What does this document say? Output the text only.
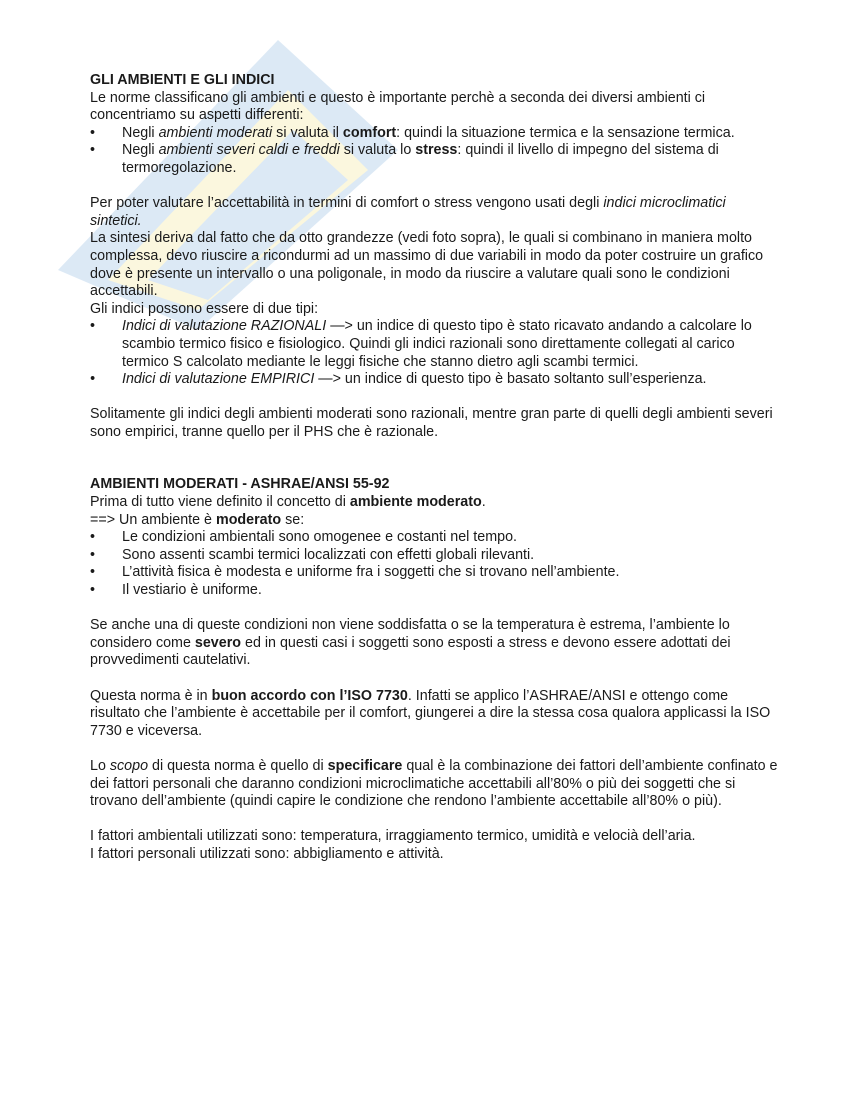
GLI AMBIENTI E GLI INDICI

Le norme classificano gli ambienti e questo è importante perchè a seconda dei diversi ambienti ci concentriamo su aspetti differenti:

• Negli ambienti moderati si valuta il comfort: quindi la situazione termica e la sensazione termica.
• Negli ambienti severi caldi e freddi si valuta lo stress: quindi il livello di impegno del sistema di termoregolazione.

Per poter valutare l’accettabilità in termini di comfort o stress vengono usati degli indici microclimatici sintetici.

La sintesi deriva dal fatto che da otto grandezze (vedi foto sopra), le quali si combinano in maniera molto complessa, devo riuscire a ricondurmi ad un massimo di due variabili in modo da poter costruire un grafico dove è presente un intervallo o una poligonale, in modo da riuscire a valutare quali sono le condizioni accettabili.

Gli indici possono essere di due tipi:

• Indici di valutazione RAZIONALI —> un indice di questo tipo è stato ricavato andando a calcolare lo scambio termico fisico e fisiologico. Quindi gli indici razionali sono direttamente collegati al carico termico S calcolato mediante le leggi fisiche che stanno dietro agli scambi termici.
• Indici di valutazione EMPIRICI —> un indice di questo tipo è basato soltanto sull’esperienza.

Solitamente gli indici degli ambienti moderati sono razionali, mentre gran parte di quelli degli ambienti severi sono empirici, tranne quello per il PHS che è razionale.

AMBIENTI MODERATI - ASHRAE/ANSI 55-92

Prima di tutto viene definito il concetto di ambiente moderato.

==> Un ambiente è moderato se:

• Le condizioni ambientali sono omogenee e costanti nel tempo.
• Sono assenti scambi termici localizzati con effetti globali rilevanti.
• L’attività fisica è modesta e uniforme fra i soggetti che si trovano nell’ambiente.
• Il vestiario è uniforme.

Se anche una di queste condizioni non viene soddisfatta o se la temperatura è estrema, l’ambiente lo considero come severo ed in questi casi i soggetti sono esposti a stress e devono essere adottati dei provvedimenti cautelativi.

Questa norma è in buon accordo con l’ISO 7730. Infatti se applico l’ASHRAE/ANSI e ottengo come risultato che l’ambiente è accettabile per il comfort, giungerei a dire la stessa cosa qualora applicassi la ISO 7730 e viceversa.

Lo scopo di questa norma è quello di specificare qual è la combinazione dei fattori dell’ambiente confinato e dei fattori personali che daranno condizioni microclimatiche accettabili all’80% o più dei soggetti che si trovano dell’ambiente (quindi capire le condizione che rendono l’ambiente accettabile all’80% o più).

I fattori ambientali utilizzati sono: temperatura, irraggiamento termico, umidità e velocià dell’aria.

I fattori personali utilizzati sono: abbigliamento e attività.
